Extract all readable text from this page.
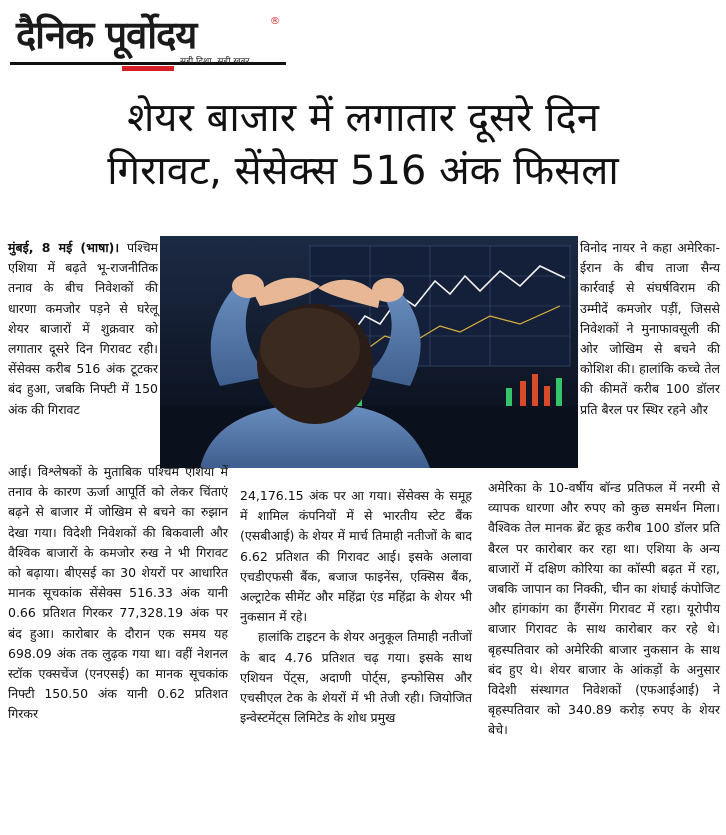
दैनिक पूर्वोदय	®
सही दिशा, सही खबर
शेयर बाजार में लगातार दूसरे दिन
गिरावट, सेंसेक्स 516 अंक फिसला
मुंबई, 8 मई (भाषा)। पश्चिम एशिया में बढ़ते भू-राजनीतिक तनाव के बीच निवेशकों की धारणा कमजोर पड़ने से घरेलू शेयर बाजारों में शुक्रवार को लगातार दूसरे दिन गिरावट रही। सेंसेक्स करीब 516 अंक टूटकर बंद हुआ, जबकि निफ्टी में 150 अंक की गिरावट
आई। विश्लेषकों के मुताबिक पश्चिम एशिया में तनाव के कारण ऊर्जा आपूर्ति को लेकर चिंताएं बढ़ने से बाजार में जोखिम से बचने का रुझान देखा गया। विदेशी निवेशकों की बिकवाली और वैश्विक बाजारों के कमजोर रुख ने भी गिरावट को बढ़ाया। बीएसई का 30 शेयरों पर आधारित मानक सूचकांक सेंसेक्स 516.33 अंक यानी 0.66 प्रतिशत गिरकर 77,328.19 अंक पर बंद हुआ। कारोबार के दौरान एक समय यह 698.09 अंक तक लुढ़क गया था। वहीं नेशनल स्टॉक एक्सचेंज (एनएसई) का मानक सूचकांक निफ्टी 150.50 अंक यानी 0.62 प्रतिशत गिरकर
24,176.15 अंक पर आ गया। सेंसेक्स के समूह में शामिल कंपनियों में से भारतीय स्टेट बैंक (एसबीआई) के शेयर में मार्च तिमाही नतीजों के बाद 6.62 प्रतिशत की गिरावट आई। इसके अलावा एचडीएफसी बैंक, बजाज फाइनेंस, एक्सिस बैंक, अल्ट्राटेक सीमेंट और महिंद्रा एंड महिंद्रा के शेयर भी नुकसान में रहे।
हालांकि टाइटन के शेयर अनुकूल तिमाही नतीजों के बाद 4.76 प्रतिशत चढ़ गया। इसके साथ एशियन पेंट्स, अदाणी पोर्ट्स, इन्फोसिस और एचसीएल टेक के शेयरों में भी तेजी रही। जियोजित इन्वेस्टमेंट्स लिमिटेड के शोध प्रमुख
विनोद नायर ने कहा अमेरिका-ईरान के बीच ताजा सैन्य कार्रवाई से संघर्षविराम की उम्मीदें कमजोर पड़ीं, जिससे निवेशकों ने मुनाफावसूली की ओर जोखिम से बचने की कोशिश की। हालांकि कच्चे तेल की कीमतें करीब 100 डॉलर प्रति बैरल पर स्थिर रहने और
अमेरिका के 10-वर्षीय बॉन्ड प्रतिफल में नरमी से व्यापक धारणा और रुपए को कुछ समर्थन मिला। वैश्विक तेल मानक ब्रेंट क्रूड करीब 100 डॉलर प्रति बैरल पर कारोबार कर रहा था। एशिया के अन्य बाजारों में दक्षिण कोरिया का कॉस्पी बढ़त में रहा, जबकि जापान का निक्की, चीन का शंघाई कंपोजिट और हांगकांग का हैंगसेंग गिरावट में रहा। यूरोपीय बाजार गिरावट के साथ कारोबार कर रहे थे। बृहस्पतिवार को अमेरिकी बाजार नुकसान के साथ बंद हुए थे। शेयर बाजार के आंकड़ों के अनुसार विदेशी संस्थागत निवेशकों (एफआईआई) ने बृहस्पतिवार को 340.89 करोड़ रुपए के शेयर बेचे।
